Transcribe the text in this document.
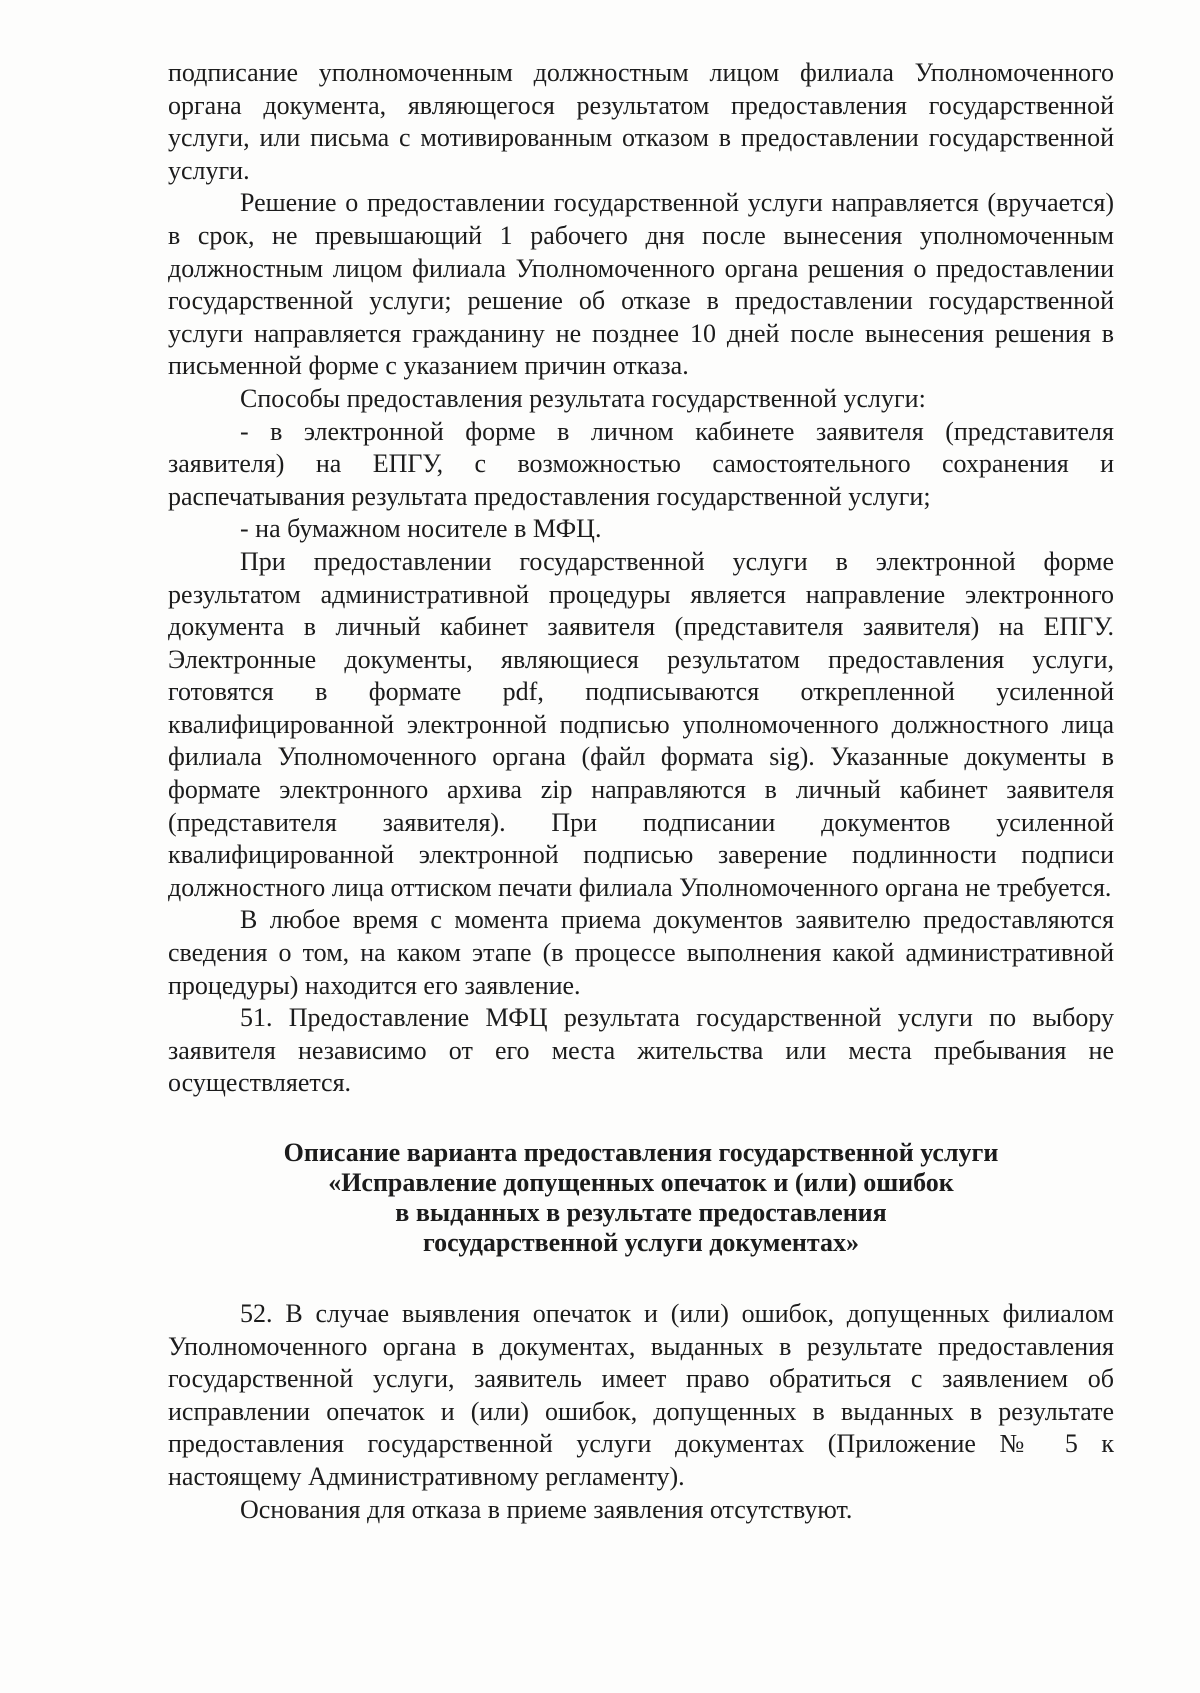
подписание уполномоченным должностным лицом филиала Уполномоченного органа документа, являющегося результатом предоставления государственной услуги, или письма с мотивированным отказом в предоставлении государственной услуги.

Решение о предоставлении государственной услуги направляется (вручается) в срок, не превышающий 1 рабочего дня после вынесения уполномоченным должностным лицом филиала Уполномоченного органа решения о предоставлении государственной услуги; решение об отказе в предоставлении государственной услуги направляется гражданину не позднее 10 дней после вынесения решения в письменной форме с указанием причин отказа.

Способы предоставления результата государственной услуги:

- в электронной форме в личном кабинете заявителя (представителя заявителя) на ЕПГУ, с возможностью самостоятельного сохранения и распечатывания результата предоставления государственной услуги;

- на бумажном носителе в МФЦ.

При предоставлении государственной услуги в электронной форме результатом административной процедуры является направление электронного документа в личный кабинет заявителя (представителя заявителя) на ЕПГУ. Электронные документы, являющиеся результатом предоставления услуги, готовятся в формате pdf, подписываются открепленной усиленной квалифицированной электронной подписью уполномоченного должностного лица филиала Уполномоченного органа (файл формата sig). Указанные документы в формате электронного архива zip направляются в личный кабинет заявителя (представителя заявителя). При подписании документов усиленной квалифицированной электронной подписью заверение подлинности подписи должностного лица оттиском печати филиала Уполномоченного органа не требуется.

В любое время с момента приема документов заявителю предоставляются сведения о том, на каком этапе (в процессе выполнения какой административной процедуры) находится его заявление.

51. Предоставление МФЦ результата государственной услуги по выбору заявителя независимо от его места жительства или места пребывания не осуществляется.

Описание варианта предоставления государственной услуги
«Исправление допущенных опечаток и (или) ошибок
в выданных в результате предоставления
государственной услуги документах»

52. В случае выявления опечаток и (или) ошибок, допущенных филиалом Уполномоченного органа в документах, выданных в результате предоставления государственной услуги, заявитель имеет право обратиться с заявлением об исправлении опечаток и (или) ошибок, допущенных в выданных в результате предоставления государственной услуги документах (Приложение № 5 к настоящему Административному регламенту).

Основания для отказа в приеме заявления отсутствуют.
